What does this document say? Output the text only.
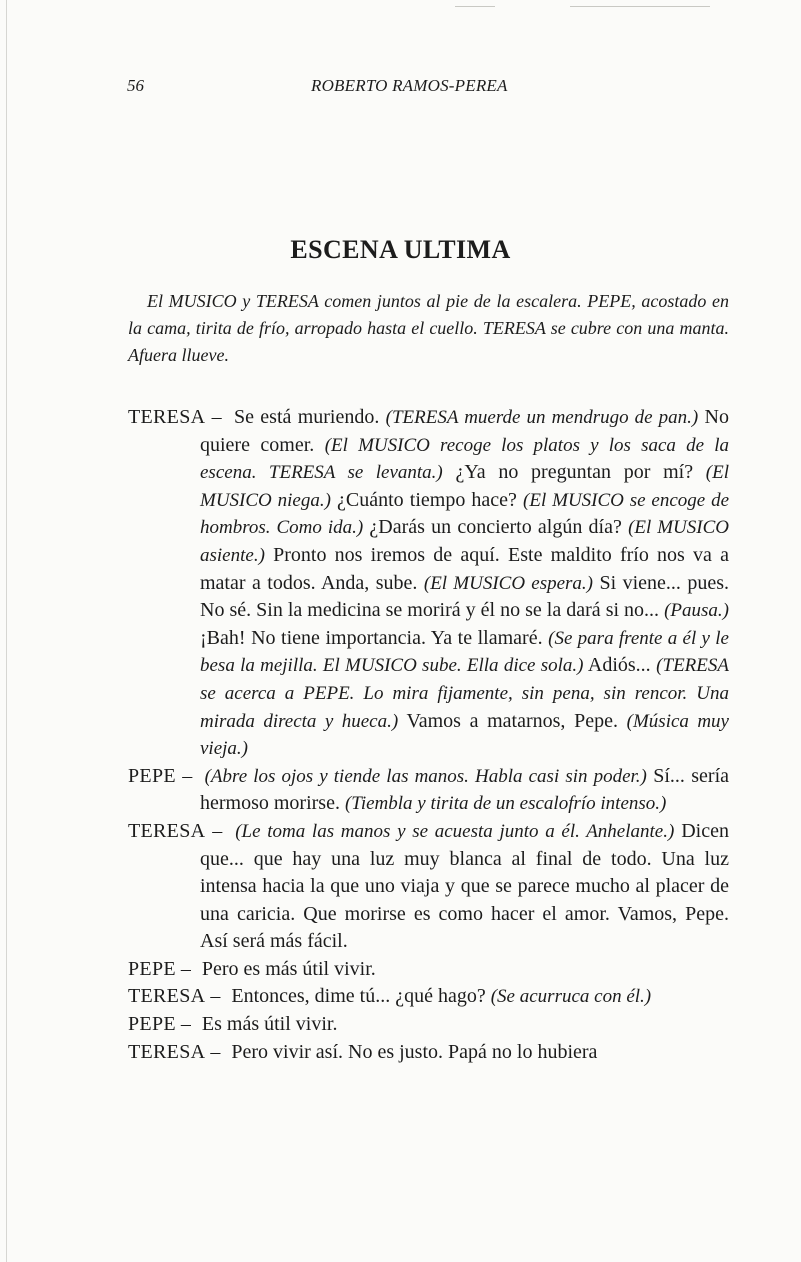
56	ROBERTO RAMOS-PEREA
ESCENA ULTIMA

El MUSICO y TERESA comen juntos al pie de la escalera. PEPE, acostado en la cama, tirita de frío, arropado hasta el cuello. TERESA se cubre con una manta. Afuera llueve.

TERESA – Se está muriendo. (TERESA muerde un mendrugo de pan.) No quiere comer. (El MUSICO recoge los platos y los saca de la escena. TERESA se levanta.) ¿Ya no preguntan por mí? (El MUSICO niega.) ¿Cuánto tiempo hace? (El MUSICO se encoge de hombros. Como ida.) ¿Darás un concierto algún día? (El MUSICO asiente.) Pronto nos iremos de aquí. Este maldito frío nos va a matar a todos. Anda, sube. (El MUSICO espera.) Si viene... pues. No sé. Sin la medicina se morirá y él no se la dará si no... (Pausa.) ¡Bah! No tiene importancia. Ya te llamaré. (Se para frente a él y le besa la mejilla. El MUSICO sube. Ella dice sola.) Adiós... (TERESA se acerca a PEPE. Lo mira fijamente, sin pena, sin rencor. Una mirada directa y hueca.) Vamos a matarnos, Pepe. (Música muy vieja.)

PEPE – (Abre los ojos y tiende las manos. Habla casi sin poder.) Sí... sería hermoso morirse. (Tiembla y tirita de un escalofrío intenso.)

TERESA – (Le toma las manos y se acuesta junto a él. Anhelante.) Dicen que... que hay una luz muy blanca al final de todo. Una luz intensa hacia la que uno viaja y que se parece mucho al placer de una caricia. Que morirse es como hacer el amor. Vamos, Pepe. Así será más fácil.

PEPE – Pero es más útil vivir.

TERESA – Entonces, dime tú... ¿qué hago? (Se acurruca con él.)

PEPE – Es más útil vivir.

TERESA – Pero vivir así. No es justo. Papá no lo hubiera
